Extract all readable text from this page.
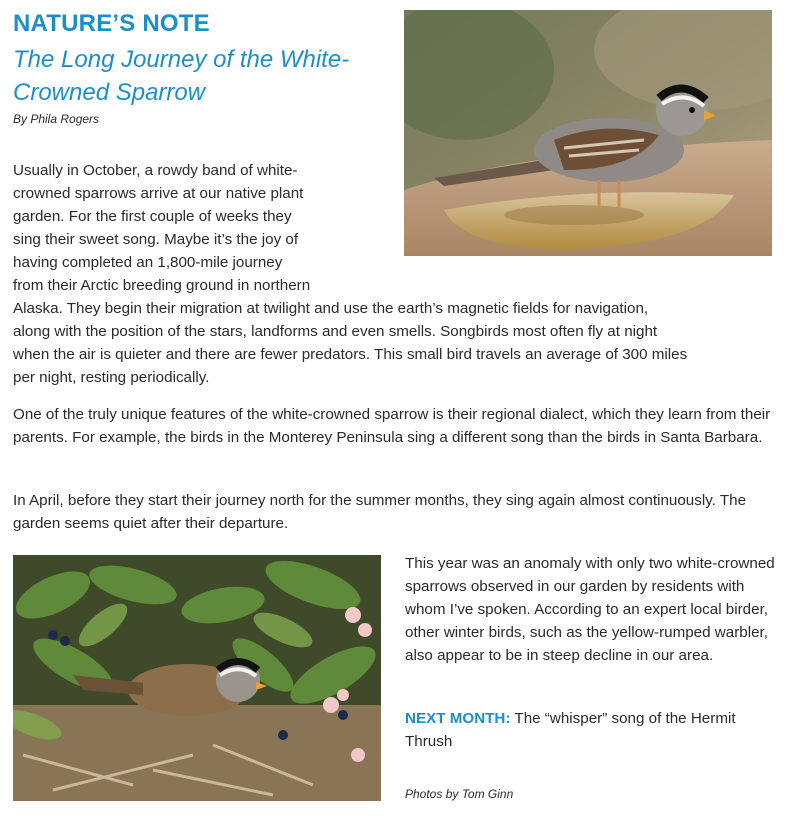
NATURE’S NOTE
The Long Journey of the White-Crowned Sparrow

By Phila Rogers

Usually in October, a rowdy band of white-
crowned sparrows arrive at our native plant
garden. For the first couple of weeks they
sing their sweet song. Maybe it’s the joy of
having completed an 1,800-mile journey
from their Arctic breeding ground in northern
Alaska. They begin their migration at twilight and use the earth’s magnetic fields for navigation,
along with the position of the stars, landforms and even smells. Songbirds most often fly at night
when the air is quieter and there are fewer predators. This small bird travels an average of 300 miles
per night, resting periodically.

One of the truly unique features of the white-crowned sparrow is their regional dialect, which they learn from their parents. For example, the birds in the Monterey Peninsula sing a different song than the birds in Santa Barbara.

In April, before they start their journey north for the summer months, they sing again almost continuously. The garden seems quiet after their departure.

This year was an anomaly with only two white-crowned sparrows observed in our garden by residents with whom I’ve spoken. According to an expert local birder, other winter birds, such as the yellow-rumped warbler, also appear to be in steep decline in our area.

NEXT MONTH: The “whisper” song of the Hermit Thrush

Photos by Tom Ginn
